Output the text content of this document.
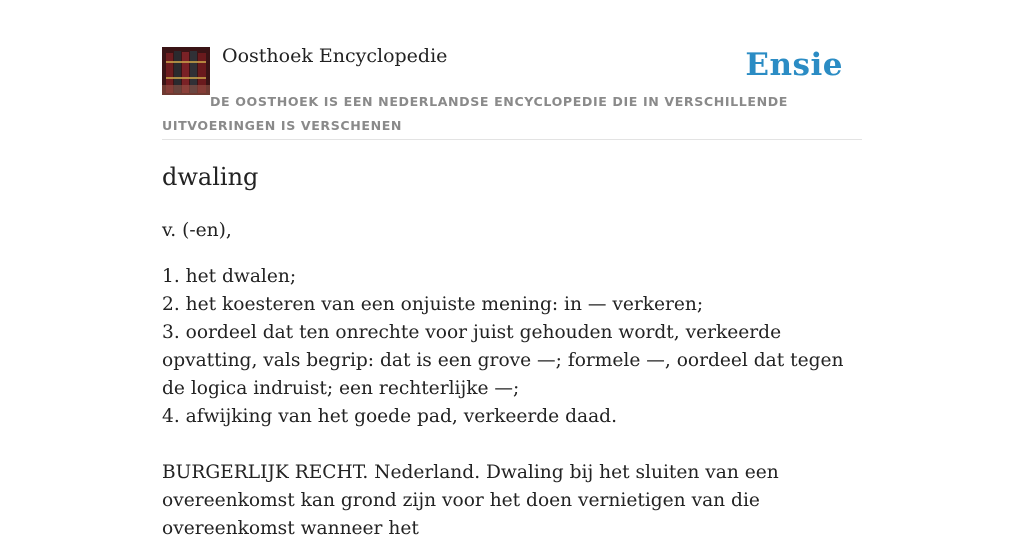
Oosthoek Encyclopedie	Ensie
DE OOSTHOEK IS EEN NEDERLANDSE ENCYCLOPEDIE DIE IN VERSCHILLENDE UITVOERINGEN IS VERSCHENEN
dwaling
v. (-en),
1. het dwalen;
2. het koesteren van een onjuiste mening: in — verkeren;
3. oordeel dat ten onrechte voor juist gehouden wordt, verkeerde opvatting, vals begrip: dat is een grove —; formele —, oordeel dat tegen de logica indruist; een rechterlijke —;
4. afwijking van het goede pad, verkeerde daad.

BURGERLIJK RECHT. Nederland. Dwaling bij het sluiten van een overeenkomst kan grond zijn voor het doen vernietigen van die overeenkomst wanneer het
